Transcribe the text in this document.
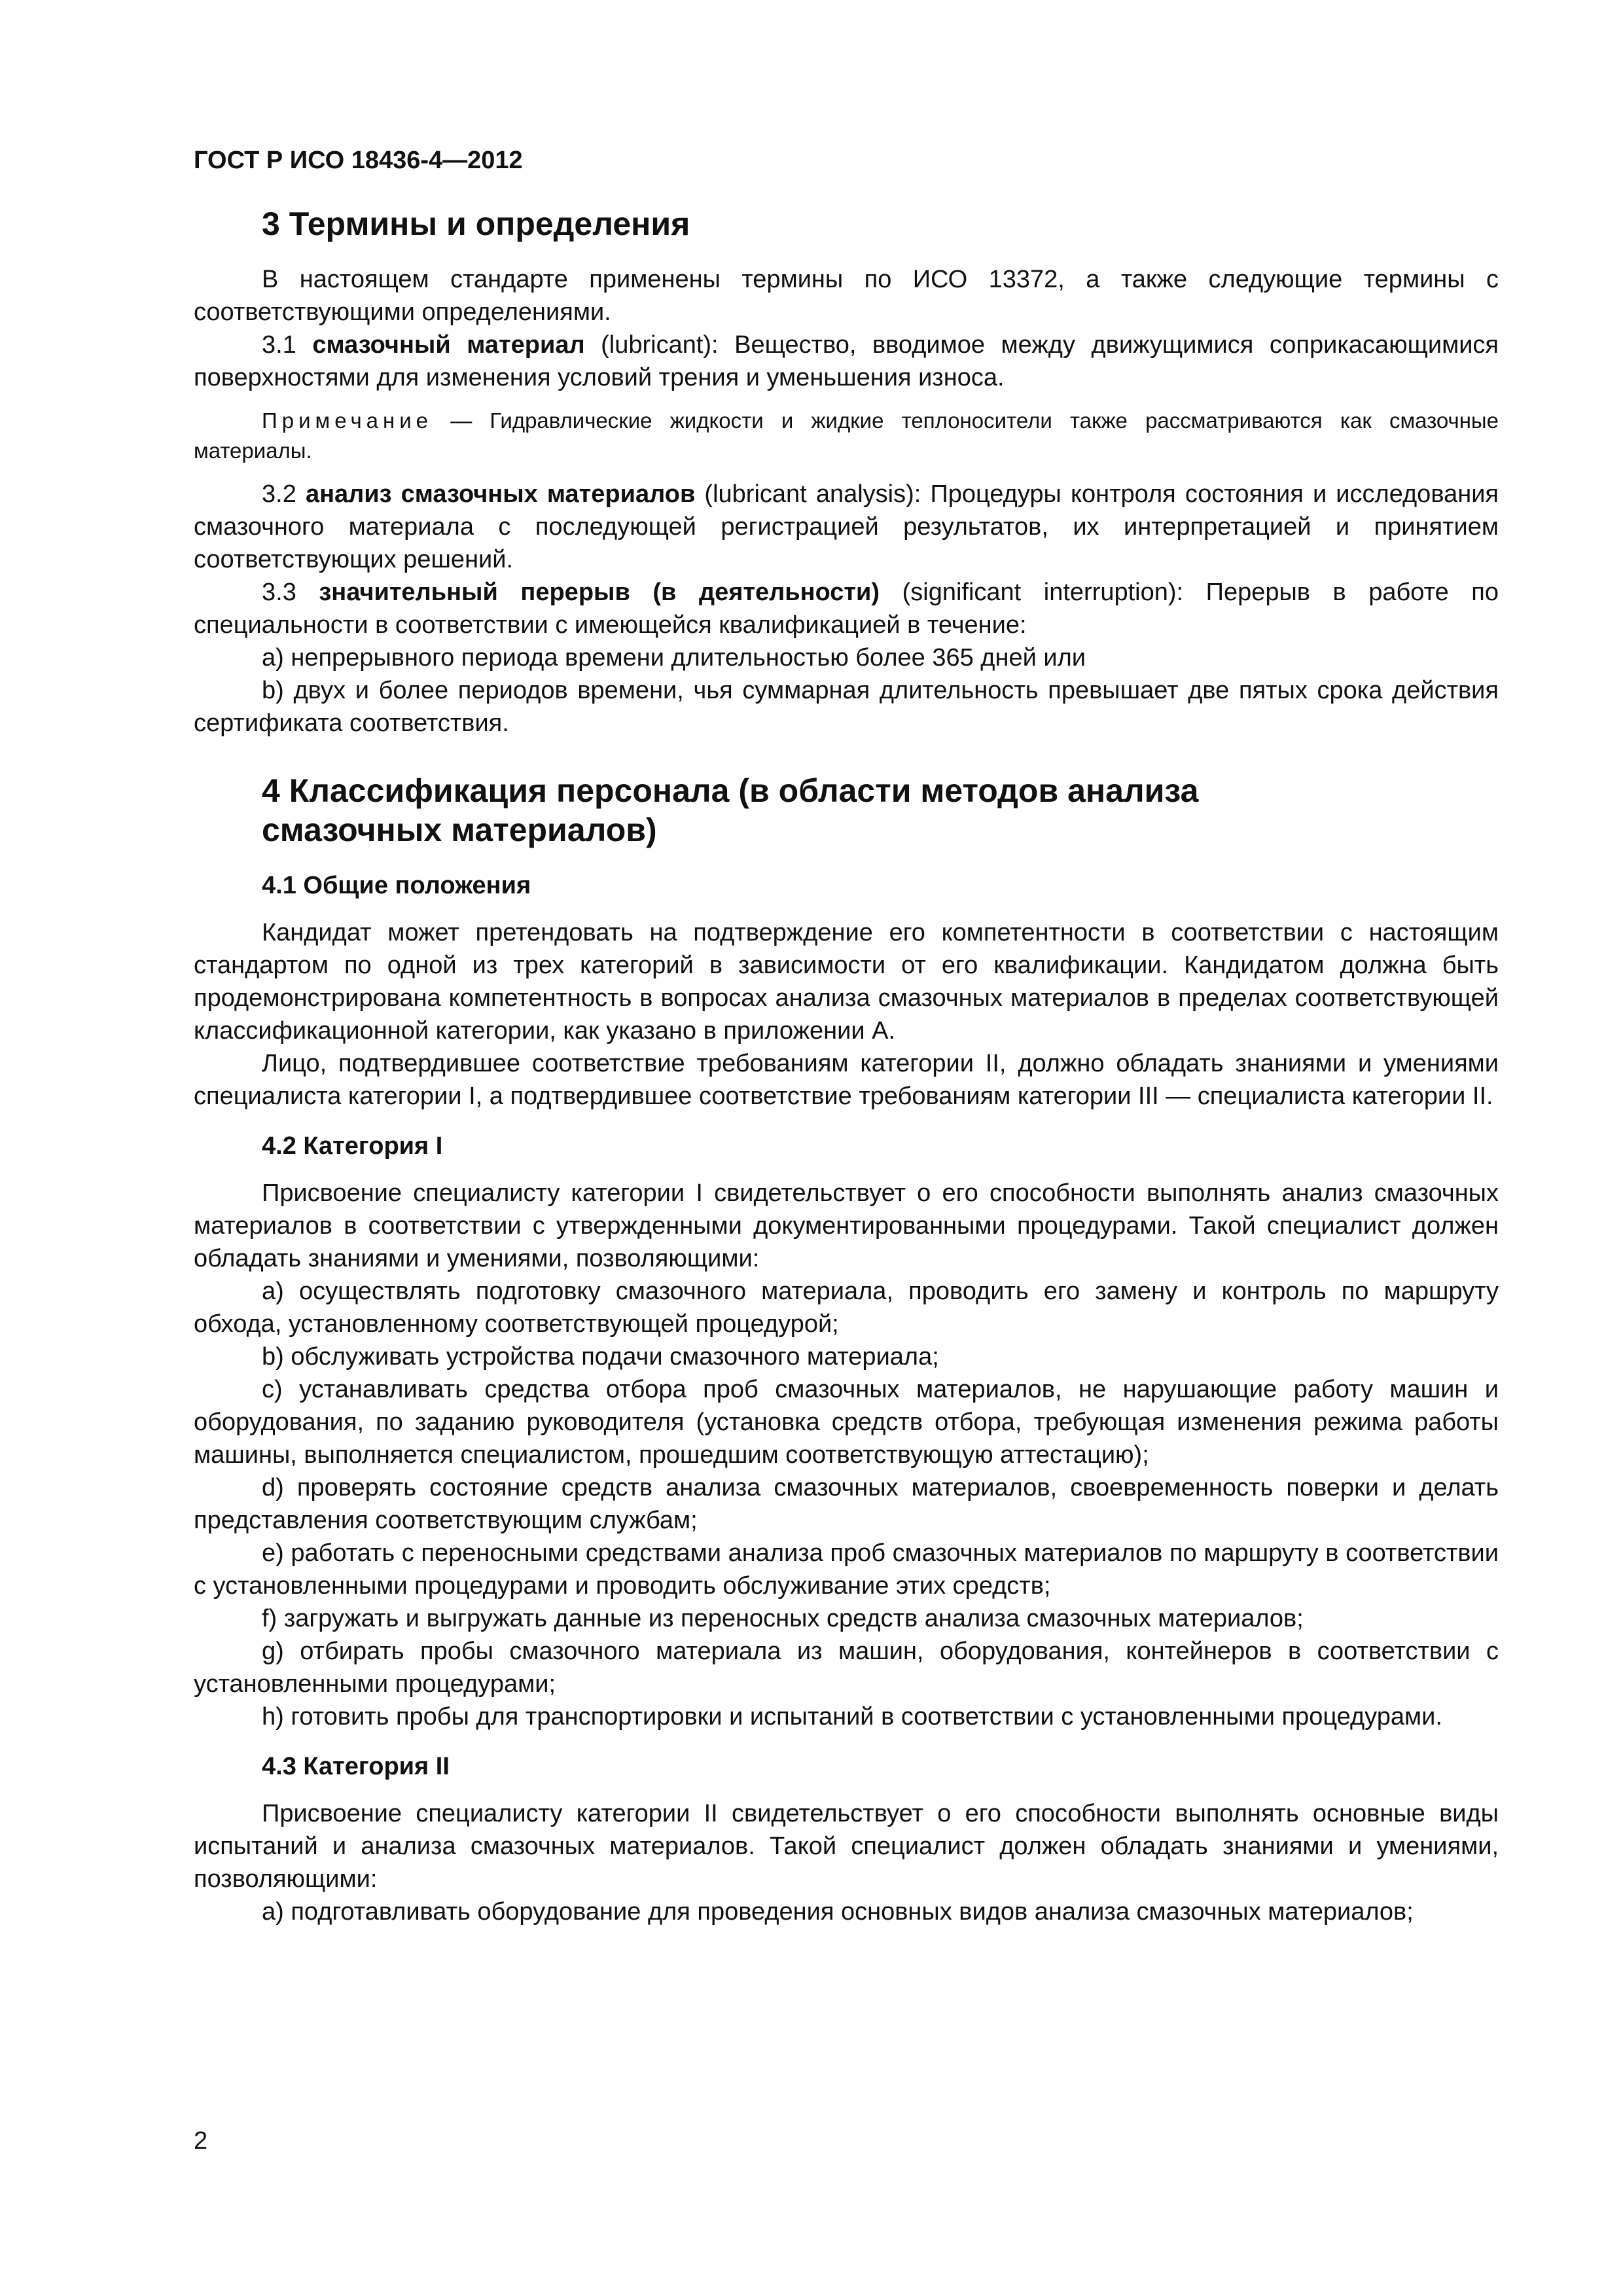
ГОСТ Р ИСО 18436-4—2012
3 Термины и определения

В настоящем стандарте применены термины по ИСО 13372, а также следующие термины с соответствующими определениями.

3.1 смазочный материал (lubricant): Вещество, вводимое между движущимися соприкасающимися поверхностями для изменения условий трения и уменьшения износа.

Примечание — Гидравлические жидкости и жидкие теплоносители также рассматриваются как смазочные материалы.

3.2 анализ смазочных материалов (lubricant analysis): Процедуры контроля состояния и исследования смазочного материала с последующей регистрацией результатов, их интерпретацией и принятием соответствующих решений.

3.3 значительный перерыв (в деятельности) (significant interruption): Перерыв в работе по специальности в соответствии с имеющейся квалификацией в течение:

a) непрерывного периода времени длительностью более 365 дней или

b) двух и более периодов времени, чья суммарная длительность превышает две пятых срока действия сертификата соответствия.

4 Классификация персонала (в области методов анализа
смазочных материалов)
4.1 Общие положения

Кандидат может претендовать на подтверждение его компетентности в соответствии с настоящим стандартом по одной из трех категорий в зависимости от его квалификации. Кандидатом должна быть продемонстрирована компетентность в вопросах анализа смазочных материалов в пределах соответствующей классификационной категории, как указано в приложении А.

Лицо, подтвердившее соответствие требованиям категории II, должно обладать знаниями и умениями специалиста категории I, а подтвердившее соответствие требованиям категории III — специалиста категории II.

4.2 Категория I

Присвоение специалисту категории I свидетельствует о его способности выполнять анализ смазочных материалов в соответствии с утвержденными документированными процедурами. Такой специалист должен обладать знаниями и умениями, позволяющими:

a) осуществлять подготовку смазочного материала, проводить его замену и контроль по маршруту обхода, установленному соответствующей процедурой;

b) обслуживать устройства подачи смазочного материала;

c) устанавливать средства отбора проб смазочных материалов, не нарушающие работу машин и оборудования, по заданию руководителя (установка средств отбора, требующая изменения режима работы машины, выполняется специалистом, прошедшим соответствующую аттестацию);

d) проверять состояние средств анализа смазочных материалов, своевременность поверки и делать представления соответствующим службам;

e) работать с переносными средствами анализа проб смазочных материалов по маршруту в соответствии с установленными процедурами и проводить обслуживание этих средств;

f) загружать и выгружать данные из переносных средств анализа смазочных материалов;

g) отбирать пробы смазочного материала из машин, оборудования, контейнеров в соответствии с установленными процедурами;

h) готовить пробы для транспортировки и испытаний в соответствии с установленными процедурами.

4.3 Категория II

Присвоение специалисту категории II свидетельствует о его способности выполнять основные виды испытаний и анализа смазочных материалов. Такой специалист должен обладать знаниями и умениями, позволяющими:

a) подготавливать оборудование для проведения основных видов анализа смазочных материалов;

2
